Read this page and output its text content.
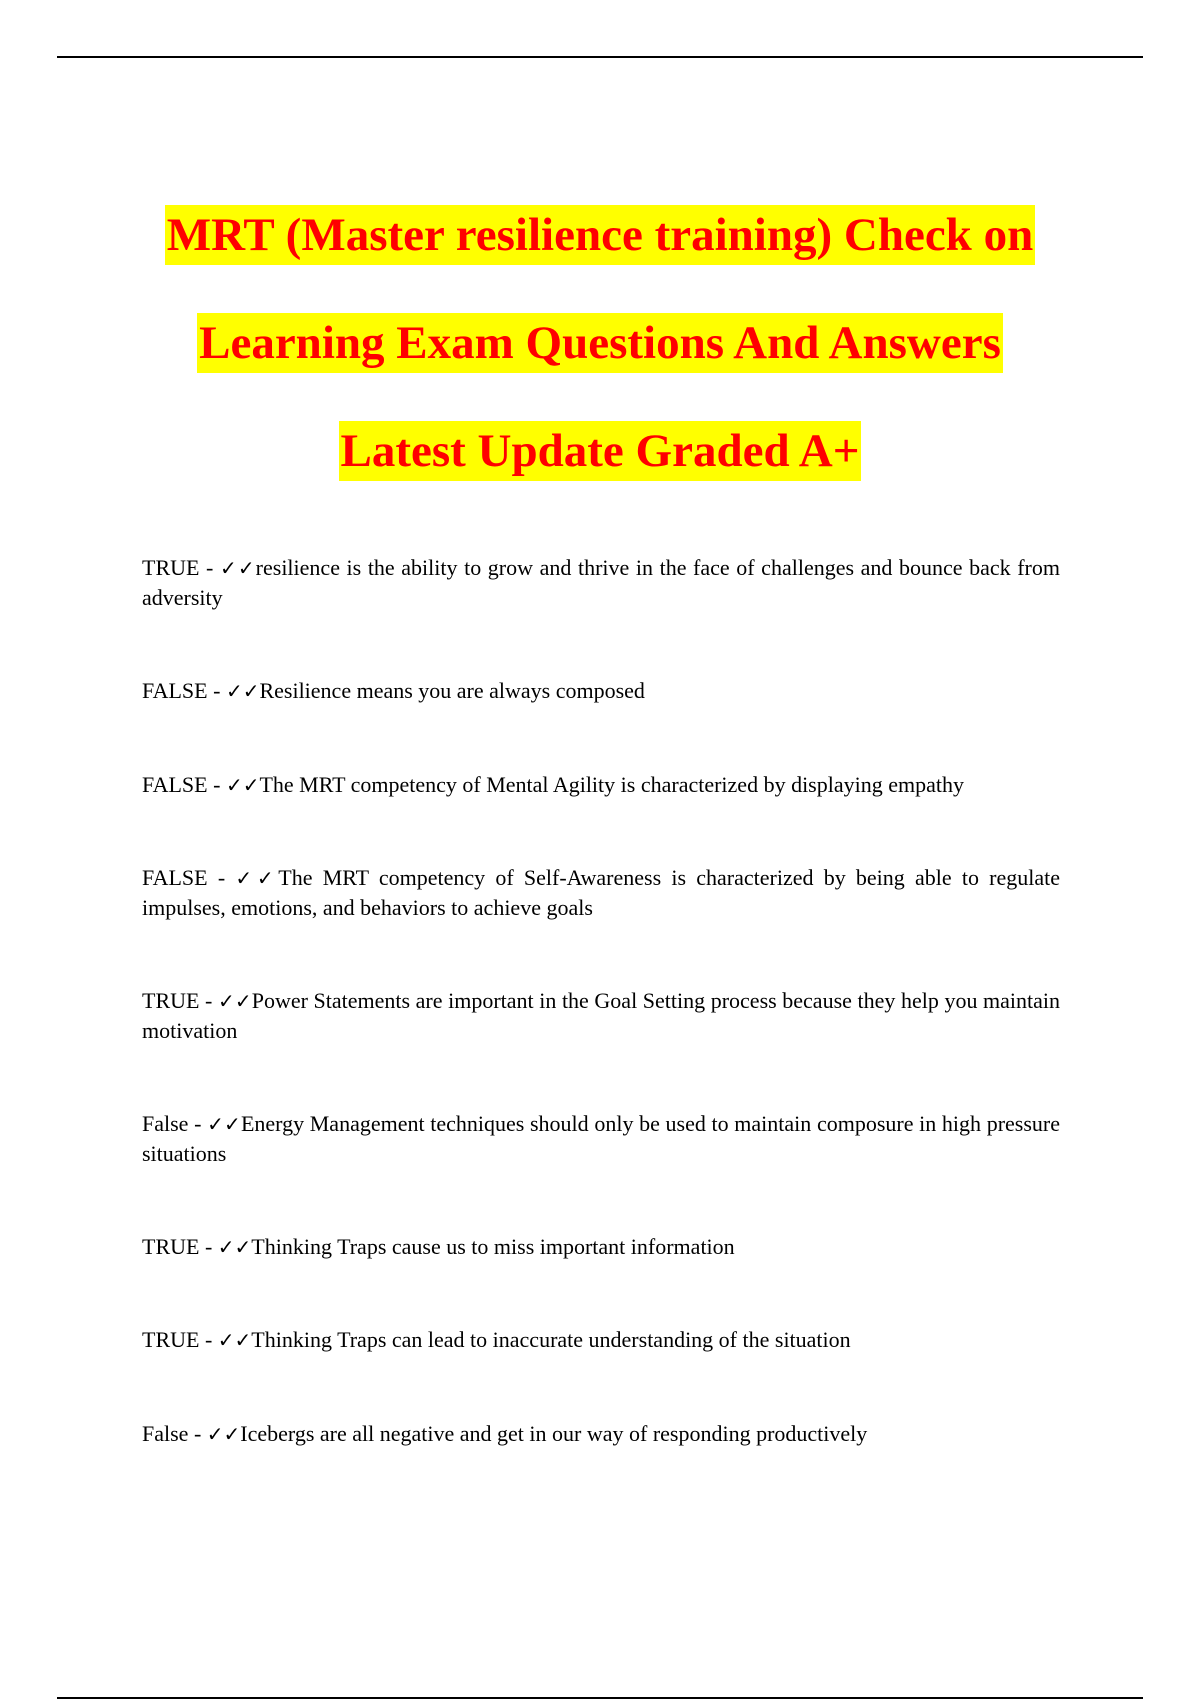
MRT (Master resilience training) Check on
Learning Exam Questions And Answers
Latest Update Graded A+
TRUE - ✓✓resilience is the ability to grow and thrive in the face of challenges and bounce back from adversity
FALSE - ✓✓Resilience means you are always composed
FALSE - ✓✓The MRT competency of Mental Agility is characterized by displaying empathy
FALSE - ✓✓The MRT competency of Self-Awareness is characterized by being able to regulate impulses, emotions, and behaviors to achieve goals
TRUE - ✓✓Power Statements are important in the Goal Setting process because they help you maintain motivation
False - ✓✓Energy Management techniques should only be used to maintain composure in high pressure situations
TRUE - ✓✓Thinking Traps cause us to miss important information
TRUE - ✓✓Thinking Traps can lead to inaccurate understanding of the situation
False - ✓✓Icebergs are all negative and get in our way of responding productively
